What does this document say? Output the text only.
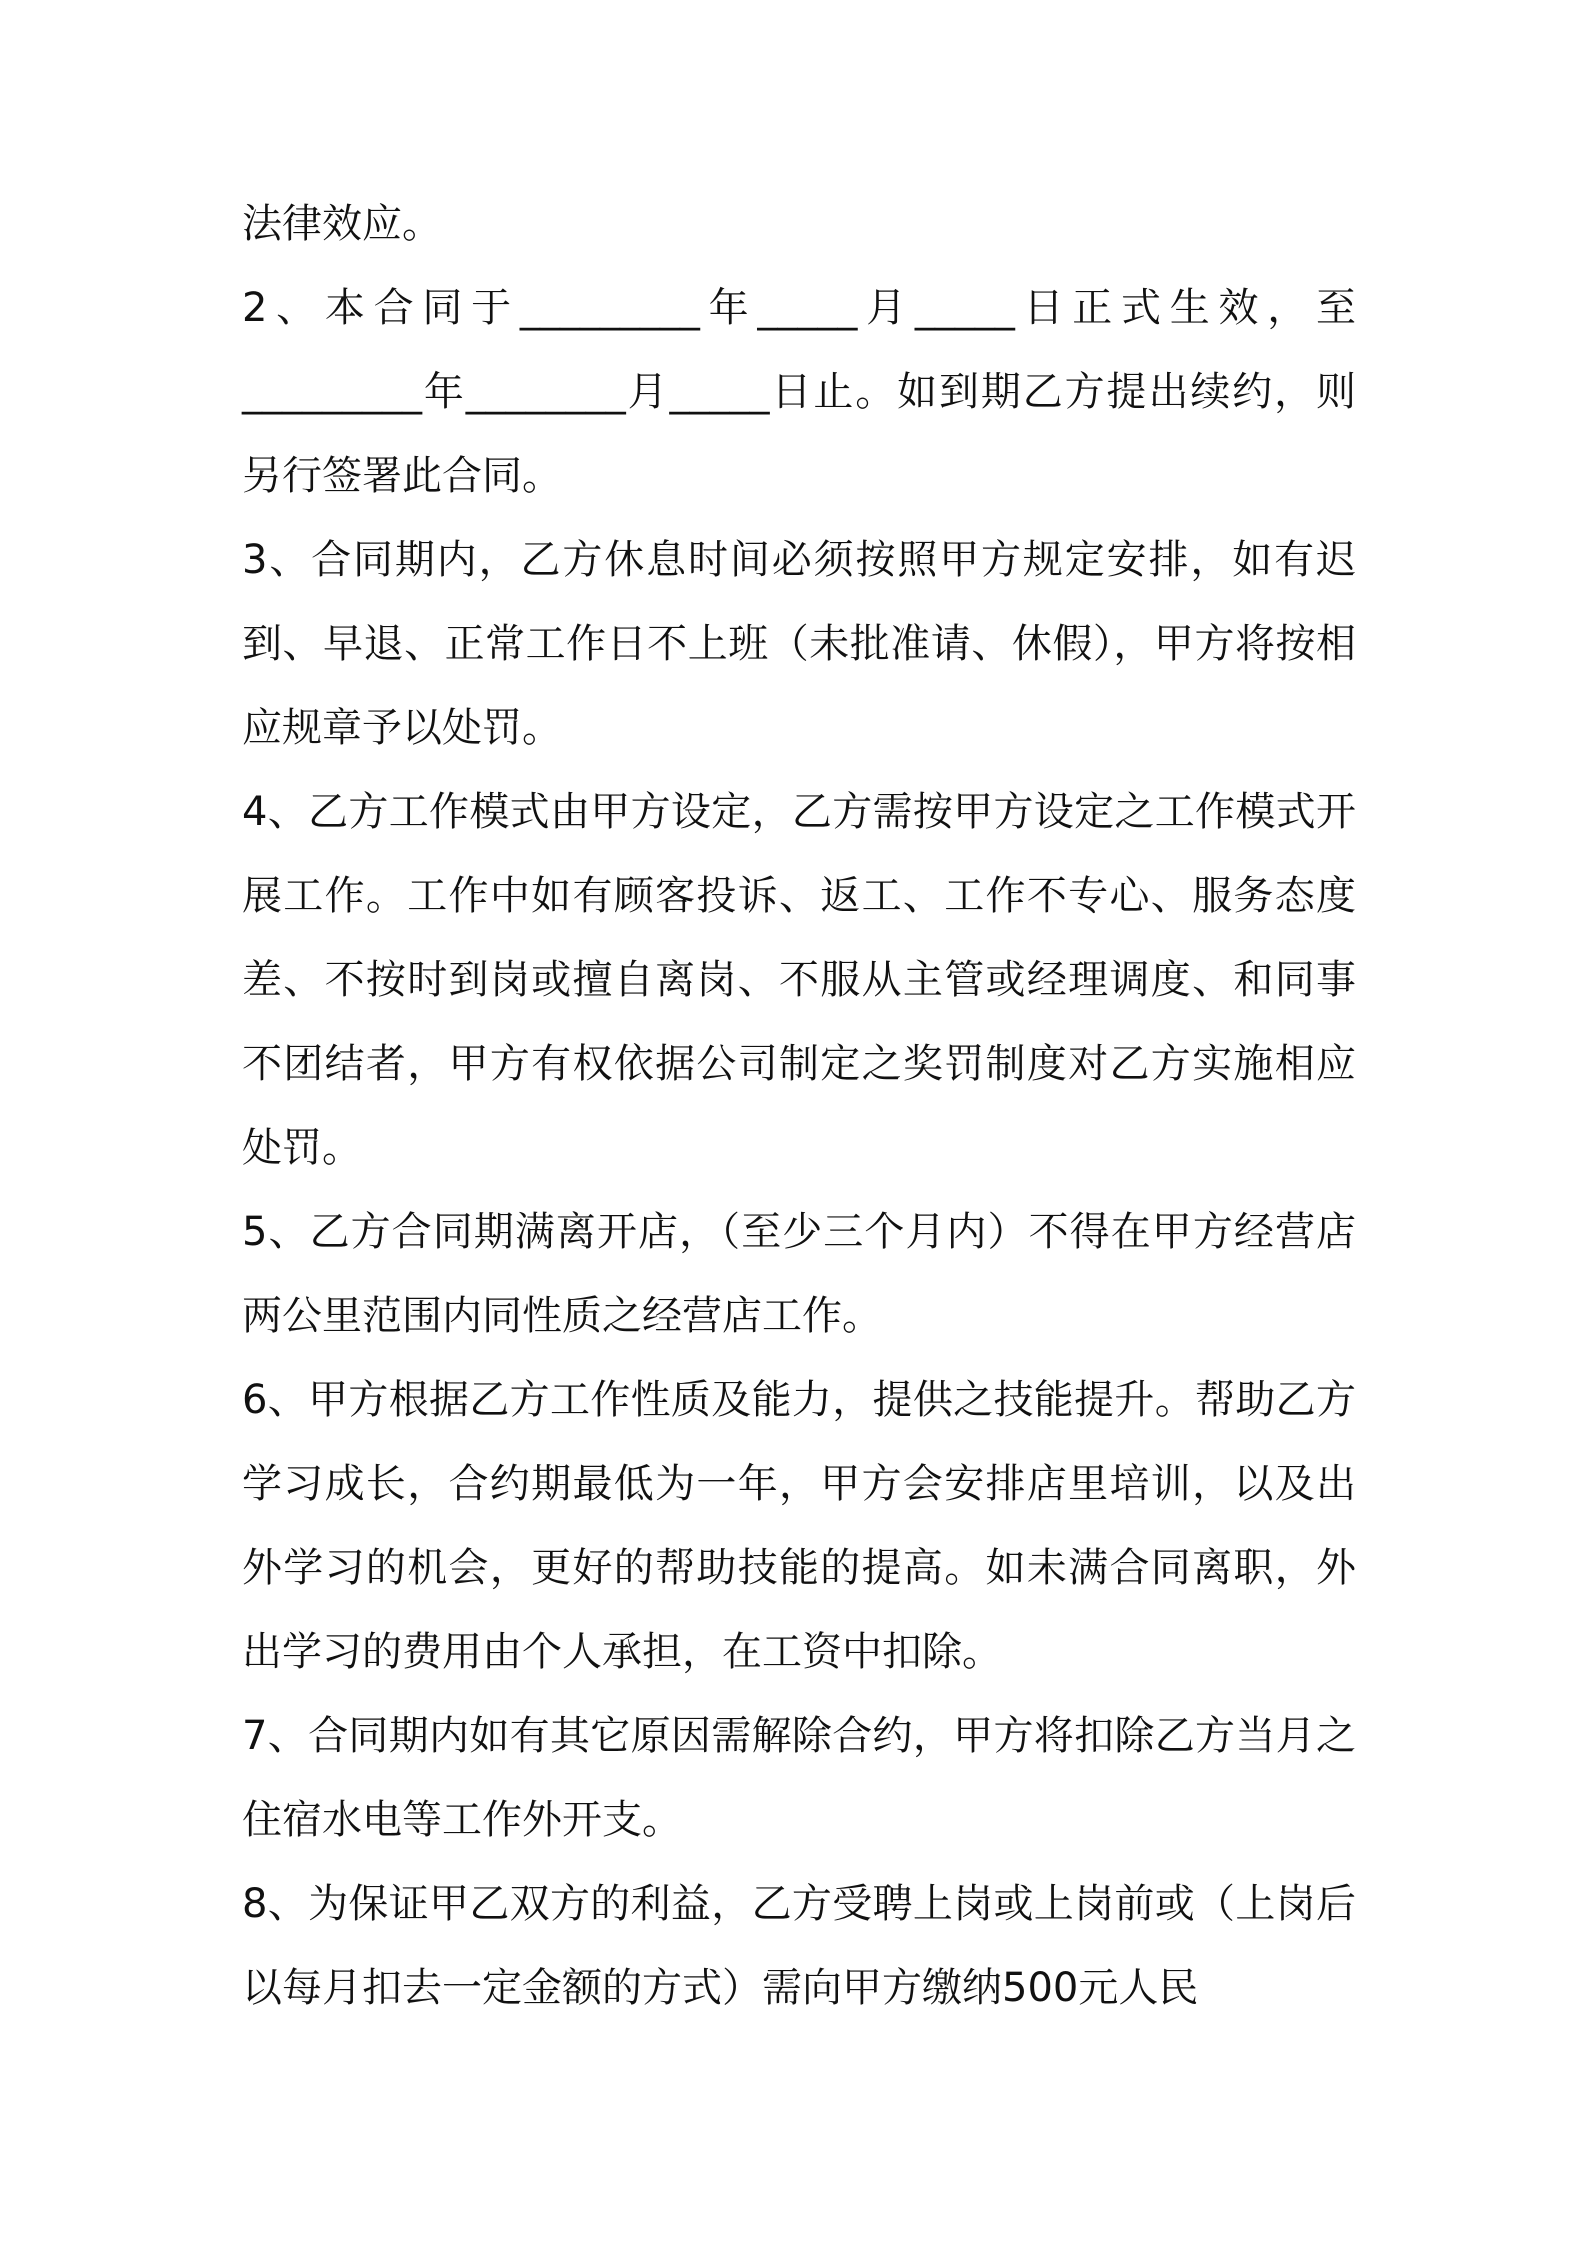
法律效应。

2、本合同于_________年_____月_____日正式生效，至_________年________月_____日止。如到期乙方提出续约，则另行签署此合同。

3、合同期内，乙方休息时间必须按照甲方规定安排，如有迟到、早退、正常工作日不上班（未批准请、休假），甲方将按相应规章予以处罚。

4、乙方工作模式由甲方设定，乙方需按甲方设定之工作模式开展工作。工作中如有顾客投诉、返工、工作不专心、服务态度差、不按时到岗或擅自离岗、不服从主管或经理调度、和同事不团结者，甲方有权依据公司制定之奖罚制度对乙方实施相应处罚。

5、乙方合同期满离开店，（至少三个月内）不得在甲方经营店两公里范围内同性质之经营店工作。

6、甲方根据乙方工作性质及能力，提供之技能提升。帮助乙方学习成长，合约期最低为一年，甲方会安排店里培训，以及出外学习的机会，更好的帮助技能的提高。如未满合同离职，外出学习的费用由个人承担，在工资中扣除。

7、合同期内如有其它原因需解除合约，甲方将扣除乙方当月之住宿水电等工作外开支。

8、为保证甲乙双方的利益，乙方受聘上岗或上岗前或（上岗后以每月扣去一定金额的方式）需向甲方缴纳500元人民
